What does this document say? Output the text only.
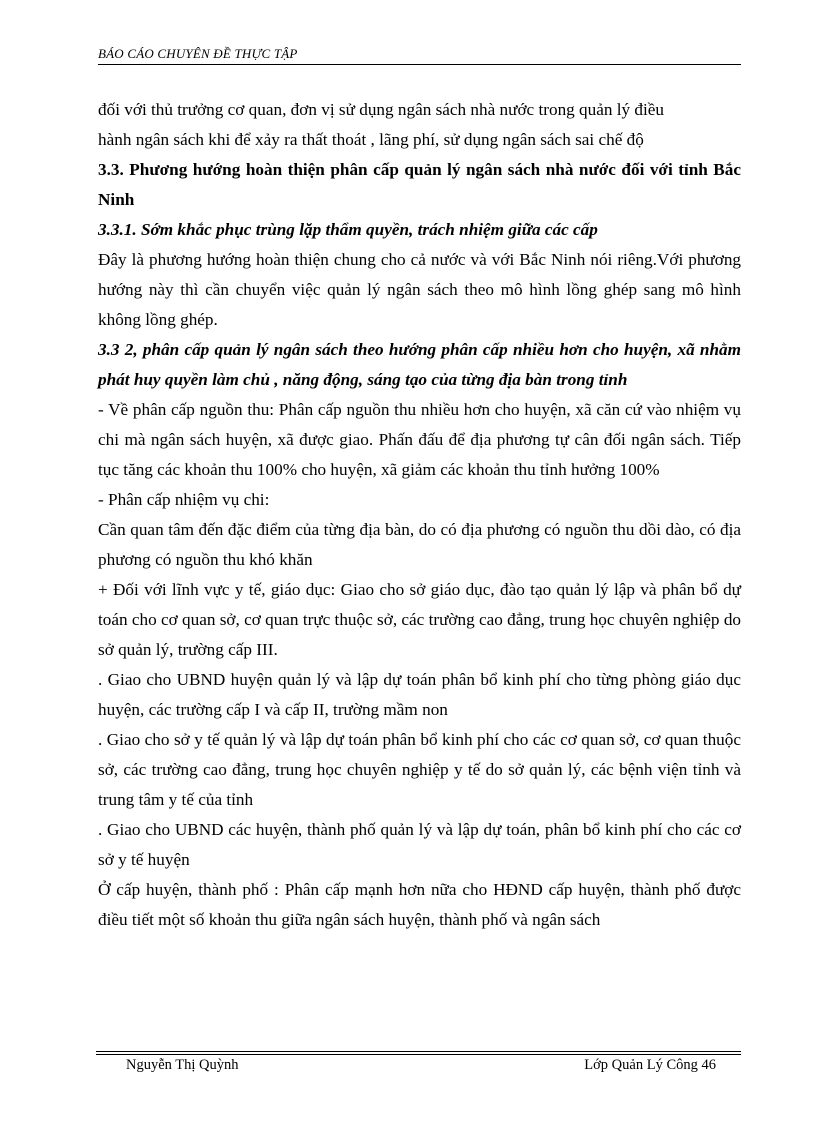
BÁO CÁO CHUYÊN ĐỀ THỰC TẬP

đối với thủ trưởng cơ quan, đơn vị sử dụng ngân sách nhà nước trong quản lý điều
hành ngân sách khi để xảy ra thất thoát , lãng phí, sử dụng ngân sách sai chế độ

3.3. Phương hướng hoàn thiện phân cấp quản lý ngân sách nhà nước đối với tỉnh Bắc Ninh

3.3.1. Sớm khắc phục trùng lặp thẩm quyền, trách nhiệm giữa các cấp

Đây là phương hướng hoàn thiện chung cho cả nước và với Bắc Ninh nói riêng.Với phương hướng này thì cần chuyển việc quản lý ngân sách theo mô hình lồng ghép sang mô hình không lồng ghép.

3.3 2, phân cấp quản lý ngân sách theo hướng phân cấp nhiều hơn cho huyện, xã nhằm phát huy quyền làm chủ , năng động, sáng tạo của từng địa bàn trong tỉnh

- Về phân cấp nguồn thu: Phân cấp nguồn thu nhiều hơn cho huyện, xã căn cứ vào nhiệm vụ chi mà ngân sách huyện, xã được giao. Phấn đấu để địa phương tự cân đối ngân sách. Tiếp tục tăng các khoản thu 100% cho huyện, xã giảm các khoản thu tỉnh hưởng 100%

- Phân cấp nhiệm vụ chi:

Cần quan tâm đến đặc điểm của từng địa bàn, do có địa phương có nguồn thu dồi dào, có địa phương có nguồn thu khó khăn

+ Đối với lĩnh vực y tế, giáo dục: Giao cho sở giáo dục, đào tạo quản lý lập và phân bổ dự toán cho cơ quan sở, cơ quan trực thuộc sở, các trường cao đẳng, trung học chuyên nghiệp do sở quản lý, trường cấp III.

. Giao cho UBND huyện quản lý và lập dự toán phân bổ kinh phí cho từng phòng giáo dục huyện, các trường cấp I và cấp II, trường mầm non

. Giao cho sở y tế quản lý và lập dự toán phân bổ kinh phí cho các cơ quan sở, cơ quan thuộc sở, các trường cao đẳng, trung học chuyên nghiệp y tế do sở quản lý, các bệnh viện tỉnh và trung tâm y tế của tỉnh

. Giao cho UBND các huyện, thành phố quản lý và lập dự toán, phân bổ kinh phí cho các cơ sở y tế huyện

Ở cấp huyện, thành phố : Phân cấp mạnh hơn nữa cho HĐND cấp huyện, thành phố được điều tiết một số khoản thu giữa ngân sách huyện, thành phố và ngân sách

Nguyễn Thị Quỳnh	Lớp Quản Lý Công 46
